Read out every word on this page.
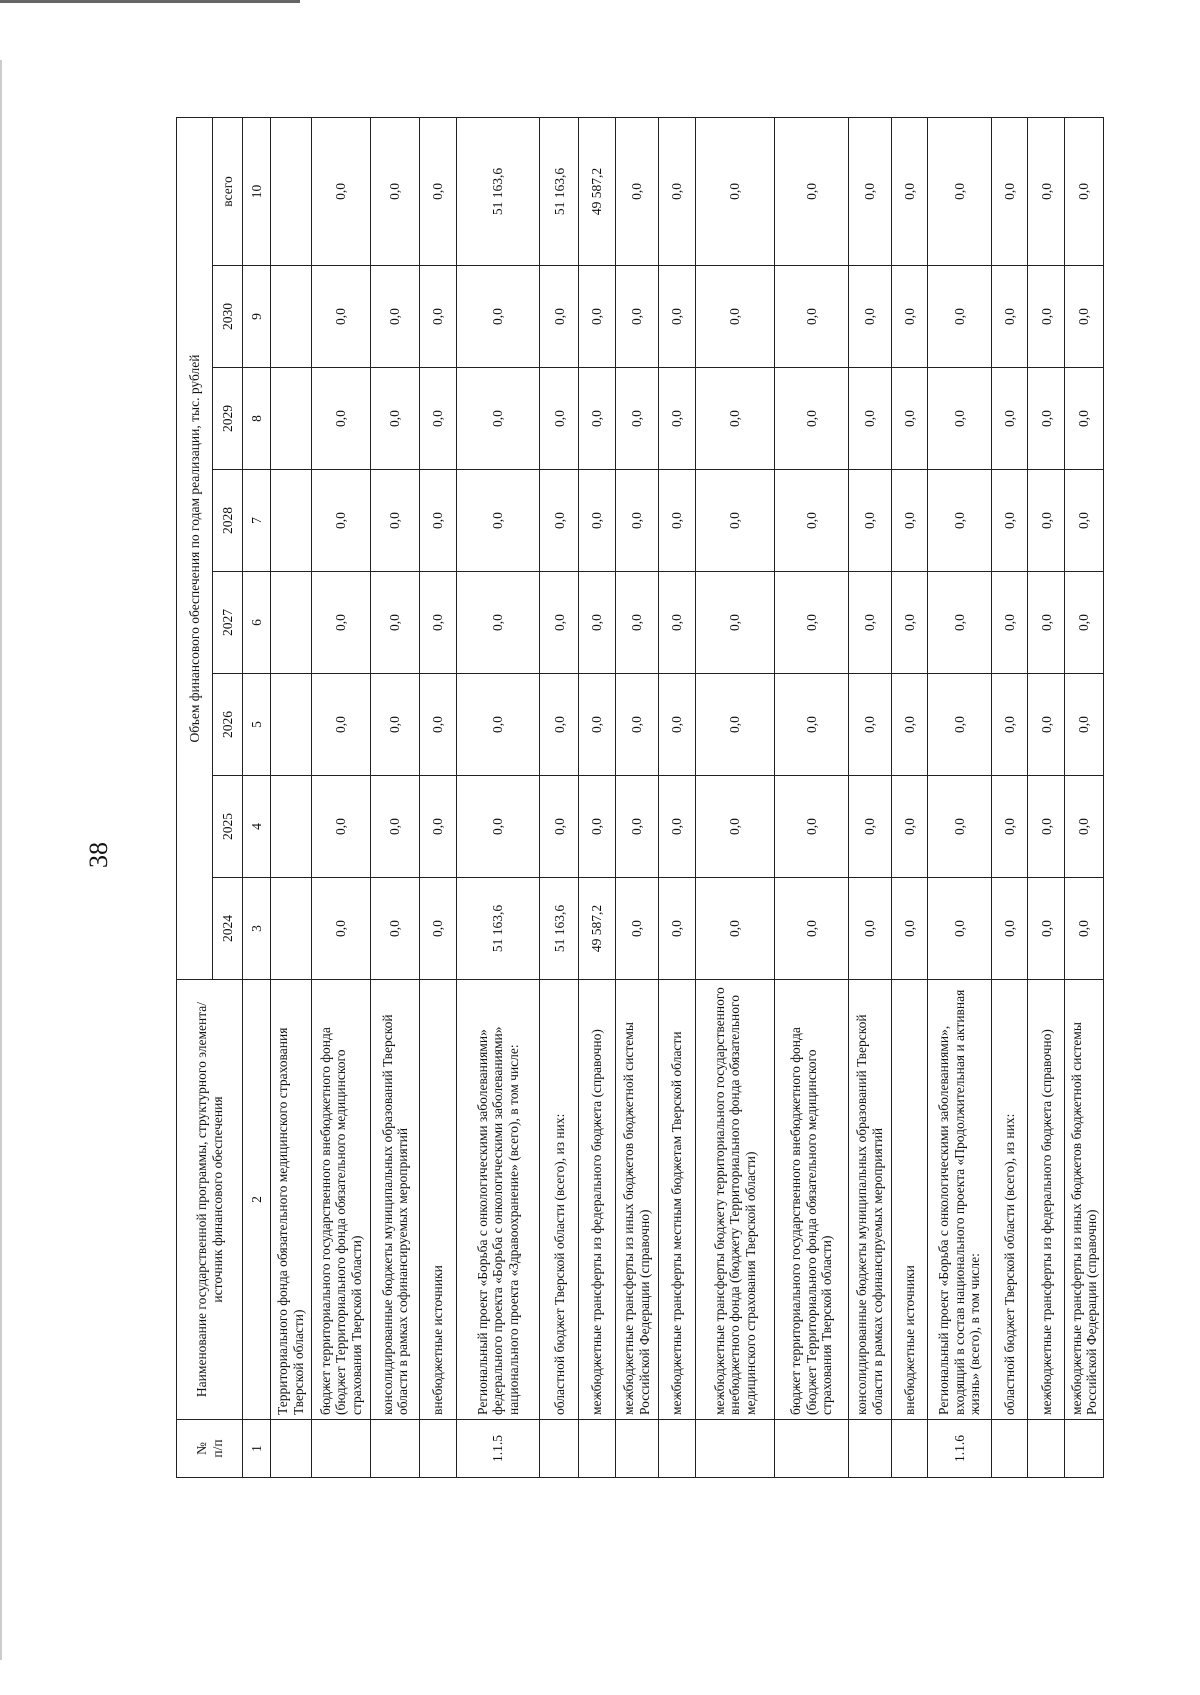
38
№
п/п	Наименование государственной программы, структурного элемента/источник финансового обеспечения	Объем финансового обеспечения по годам реализации, тыс. рублей							
		2024	2025	2026	2027	2028	2029	2030	всего
1	2	3	4	5	6	7	8	9	10
	Территориального фонда обязательного медицинского страхования Тверской области)								
	бюджет территориального государственного внебюджетного фонда (бюджет Территориального фонда обязательного медицинского страхования Тверской области)	0,0	0,0	0,0	0,0	0,0	0,0	0,0	0,0
	консолидированные бюджеты муниципальных образований Тверской области в рамках софинансируемых мероприятий	0,0	0,0	0,0	0,0	0,0	0,0	0,0	0,0
	внебюджетные источники	0,0	0,0	0,0	0,0	0,0	0,0	0,0	0,0
1.1.5	Региональный проект «Борьба с онкологическими заболеваниями» федерального проекта «Борьба с онкологическими заболеваниями» национального проекта «Здравоохранение» (всего), в том числе:	51 163,6	0,0	0,0	0,0	0,0	0,0	0,0	51 163,6
	областной бюджет Тверской области (всего), из них:	51 163,6	0,0	0,0	0,0	0,0	0,0	0,0	51 163,6
	межбюджетные трансферты из федерального бюджета (справочно)	49 587,2	0,0	0,0	0,0	0,0	0,0	0,0	49 587,2
	межбюджетные трансферты из иных бюджетов бюджетной системы Российской Федерации (справочно)	0,0	0,0	0,0	0,0	0,0	0,0	0,0	0,0
	межбюджетные трансферты местным бюджетам Тверской области	0,0	0,0	0,0	0,0	0,0	0,0	0,0	0,0
	межбюджетные трансферты бюджету территориального государственного внебюджетного фонда (бюджету Территориального фонда обязательного медицинского страхования Тверской области)	0,0	0,0	0,0	0,0	0,0	0,0	0,0	0,0
	бюджет территориального государственного внебюджетного фонда (бюджет Территориального фонда обязательного медицинского страхования Тверской области)	0,0	0,0	0,0	0,0	0,0	0,0	0,0	0,0
	консолидированные бюджеты муниципальных образований Тверской области в рамках софинансируемых мероприятий	0,0	0,0	0,0	0,0	0,0	0,0	0,0	0,0
	внебюджетные источники	0,0	0,0	0,0	0,0	0,0	0,0	0,0	0,0
1.1.6	Региональный проект «Борьба с онкологическими заболеваниями», входящий в состав национального проекта «Продолжительная и активная жизнь» (всего), в том числе:	0,0	0,0	0,0	0,0	0,0	0,0	0,0	0,0
	областной бюджет Тверской области (всего), из них:	0,0	0,0	0,0	0,0	0,0	0,0	0,0	0,0
	межбюджетные трансферты из федерального бюджета (справочно)	0,0	0,0	0,0	0,0	0,0	0,0	0,0	0,0
	межбюджетные трансферты из иных бюджетов бюджетной системы Российской Федерации (справочно)	0,0	0,0	0,0	0,0	0,0	0,0	0,0	0,0
